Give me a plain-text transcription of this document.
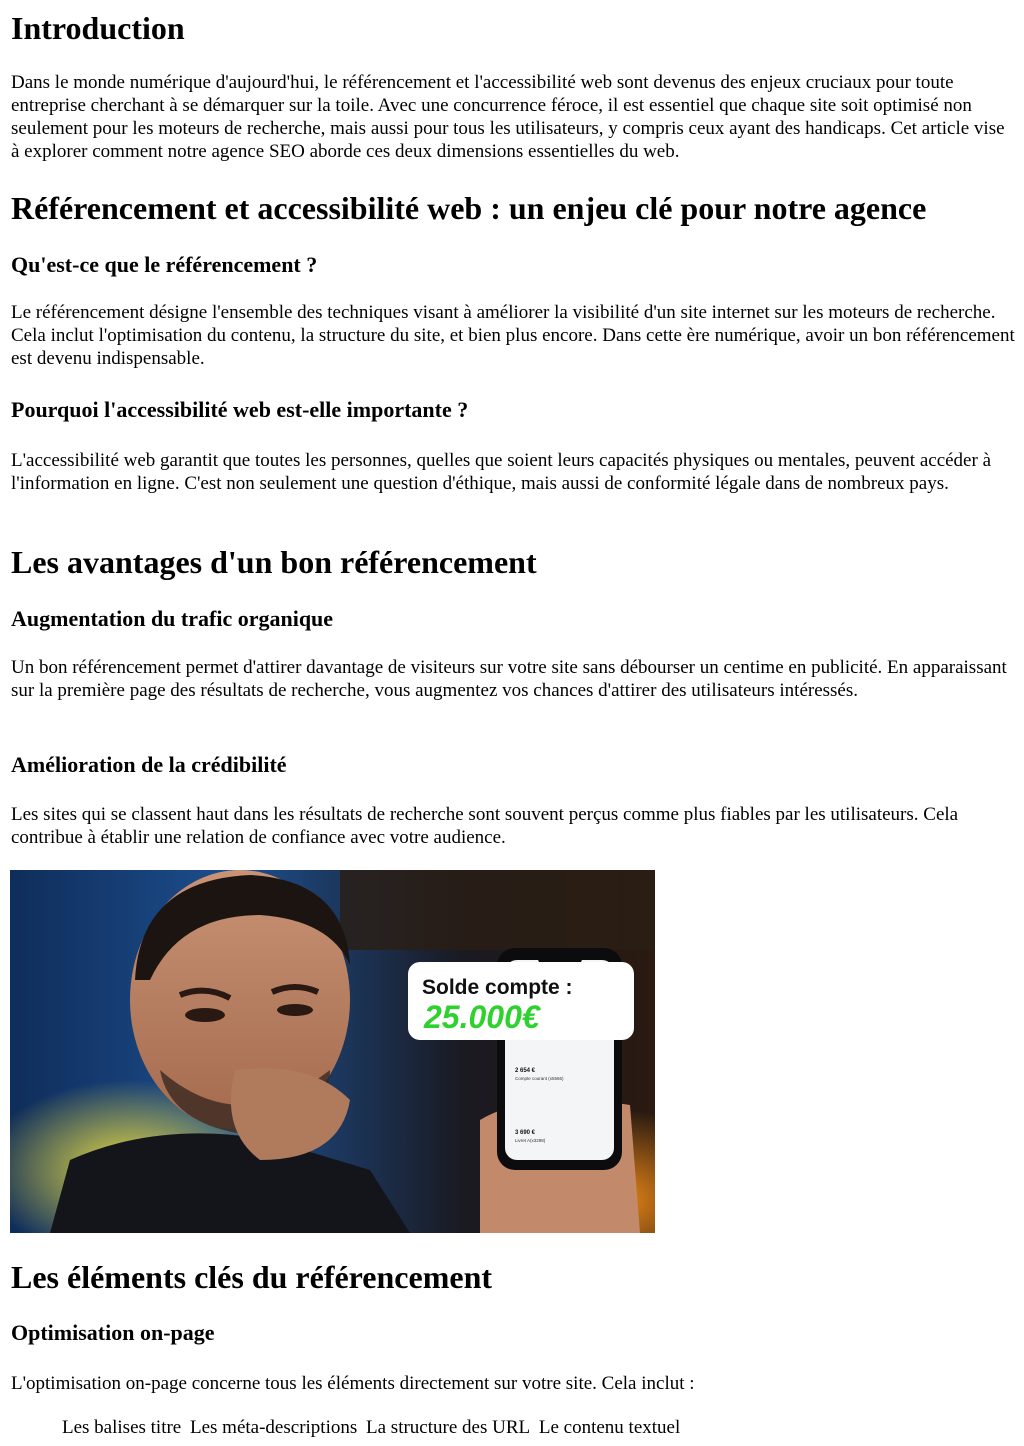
Introduction

Dans le monde numérique d'aujourd'hui, le référencement et l'accessibilité web sont devenus des enjeux cruciaux pour toute entreprise cherchant à se démarquer sur la toile. Avec une concurrence féroce, il est essentiel que chaque site soit optimisé non seulement pour les moteurs de recherche, mais aussi pour tous les utilisateurs, y compris ceux ayant des handicaps. Cet article vise à explorer comment notre agence SEO aborde ces deux dimensions essentielles du web.

Référencement et accessibilité web : un enjeu clé pour notre agence
Qu'est-ce que le référencement ?

Le référencement désigne l'ensemble des techniques visant à améliorer la visibilité d'un site internet sur les moteurs de recherche. Cela inclut l'optimisation du contenu, la structure du site, et bien plus encore. Dans cette ère numérique, avoir un bon référencement est devenu indispensable.

Pourquoi l'accessibilité web est-elle importante ?

L'accessibilité web garantit que toutes les personnes, quelles que soient leurs capacités physiques ou mentales, peuvent accéder à l'information en ligne. C'est non seulement une question d'éthique, mais aussi de conformité légale dans de nombreux pays.

Les avantages d'un bon référencement
Augmentation du trafic organique

Un bon référencement permet d'attirer davantage de visiteurs sur votre site sans débourser un centime en publicité. En apparaissant sur la première page des résultats de recherche, vous augmentez vos chances d'attirer des utilisateurs intéressés.

Amélioration de la crédibilité

Les sites qui se classent haut dans les résultats de recherche sont souvent perçus comme plus fiables par les utilisateurs. Cela contribue à établir une relation de confiance avec votre audience.

2 654 €
Compte courant (x5566)
3 690 €
Livret A(x3298)
Solde compte :
25.000€
Les éléments clés du référencement
Optimisation on-page

L'optimisation on-page concerne tous les éléments directement sur votre site. Cela inclut :

Les balises titre Les méta-descriptions La structure des URL Le contenu textuel
